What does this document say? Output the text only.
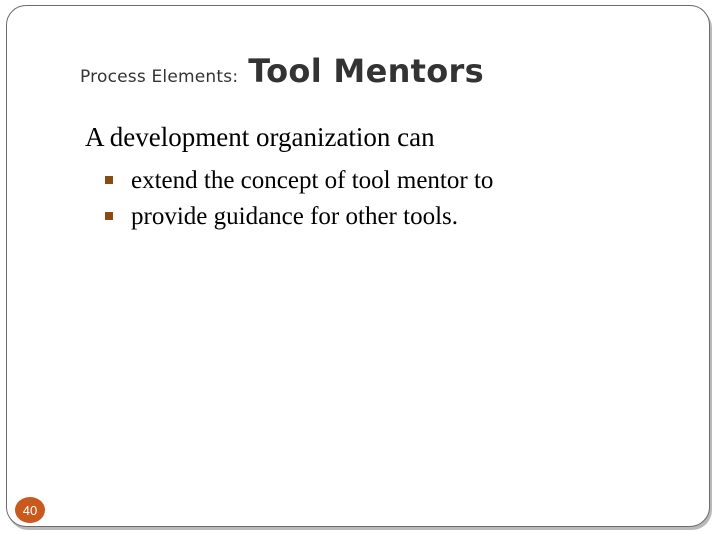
Process Elements: Tool Mentors
A development organization can
extend the concept of tool mentor to
provide guidance for other tools.
40
